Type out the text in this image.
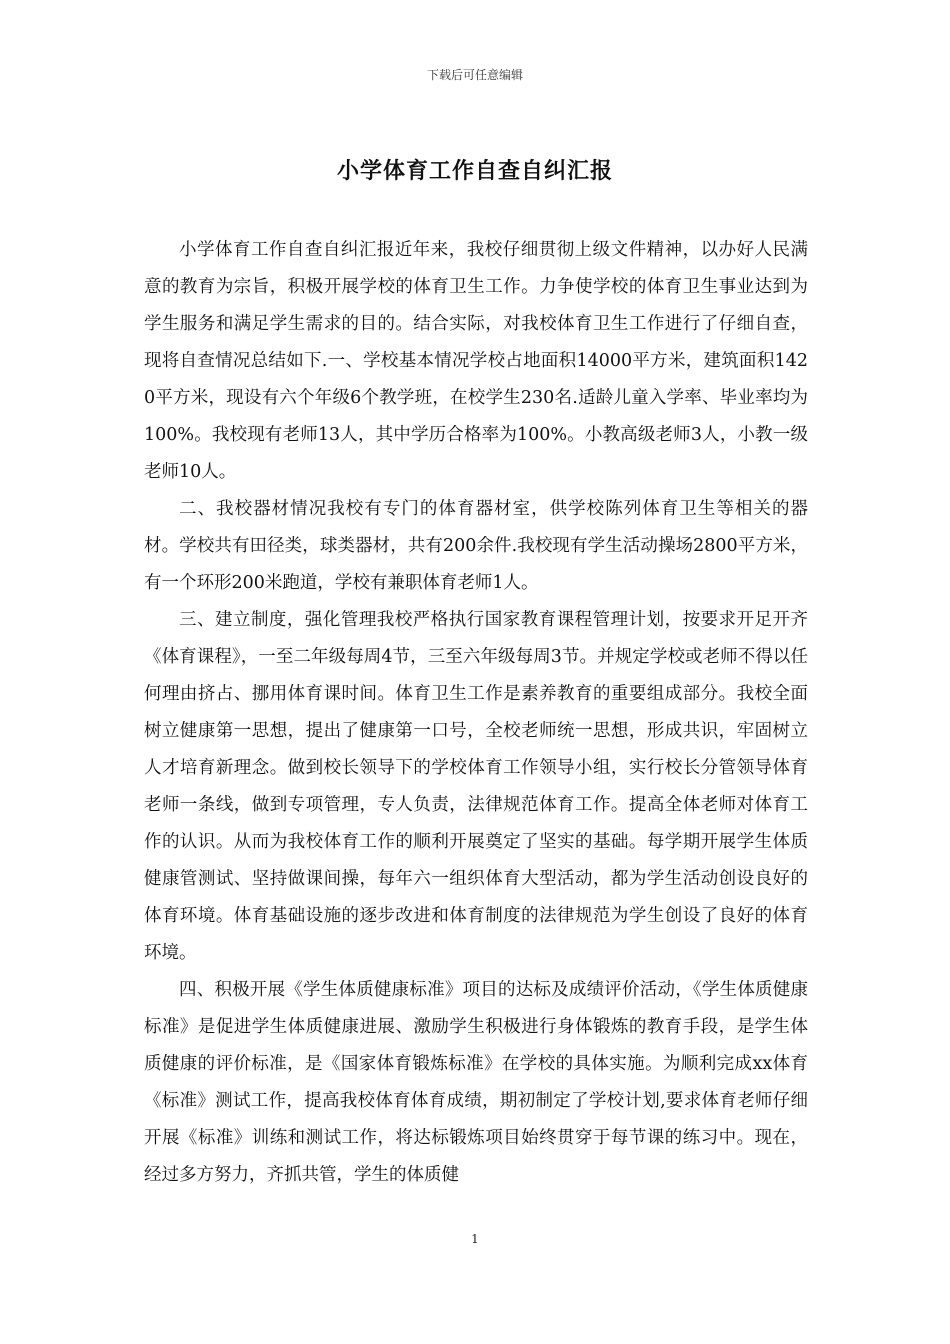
下载后可任意编辑
小学体育工作自查自纠汇报

小学体育工作自查自纠汇报近年来，我校仔细贯彻上级文件精神，以办好人民满意的教育为宗旨，积极开展学校的体育卫生工作。力争使学校的体育卫生事业达到为学生服务和满足学生需求的目的。结合实际，对我校体育卫生工作进行了仔细自查，现将自查情况总结如下.一、学校基本情况学校占地面积14000平方米，建筑面积1420平方米，现设有六个年级6个教学班，在校学生230名.适龄儿童入学率、毕业率均为100%。我校现有老师13人，其中学历合格率为100%。小教高级老师3人，小教一级老师10人。

二、我校器材情况我校有专门的体育器材室，供学校陈列体育卫生等相关的器材。学校共有田径类，球类器材，共有200余件.我校现有学生活动操场2800平方米，有一个环形200米跑道，学校有兼职体育老师1人。

三、建立制度，强化管理我校严格执行国家教育课程管理计划，按要求开足开齐《体育课程》，一至二年级每周4节，三至六年级每周3节。并规定学校或老师不得以任何理由挤占、挪用体育课时间。体育卫生工作是素养教育的重要组成部分。我校全面树立健康第一思想，提出了健康第一口号，全校老师统一思想，形成共识，牢固树立人才培育新理念。做到校长领导下的学校体育工作领导小组，实行校长分管领导体育老师一条线，做到专项管理，专人负责，法律规范体育工作。提高全体老师对体育工作的认识。从而为我校体育工作的顺利开展奠定了坚实的基础。每学期开展学生体质健康管测试、坚持做课间操，每年六一组织体育大型活动，都为学生活动创设良好的体育环境。体育基础设施的逐步改进和体育制度的法律规范为学生创设了良好的体育环境。

四、积极开展《学生体质健康标准》项目的达标及成绩评价活动，《学生体质健康标准》是促进学生体质健康进展、激励学生积极进行身体锻炼的教育手段，是学生体质健康的评价标准，是《国家体育锻炼标准》在学校的具体实施。为顺利完成xx体育《标准》测试工作，提高我校体育体育成绩，期初制定了学校计划,要求体育老师仔细开展《标准》训练和测试工作，将达标锻炼项目始终贯穿于每节课的练习中。现在，经过多方努力，齐抓共管，学生的体质健

1
